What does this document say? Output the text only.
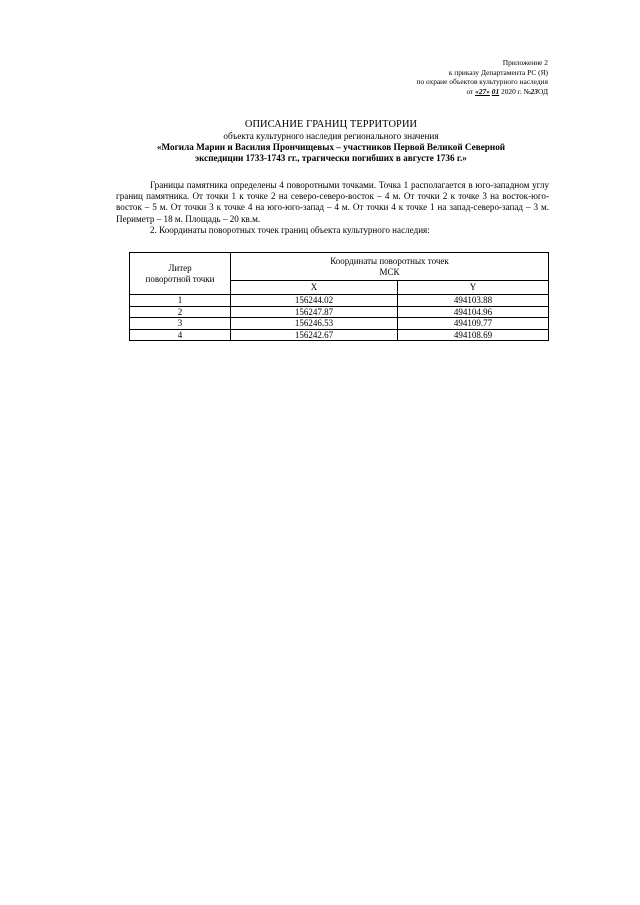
Приложение 2
к приказу Департамента РС (Я)
по охране объектов культурного наследия
от «27» 01 2020 г. №23ОД
ОПИСАНИЕ ГРАНИЦ ТЕРРИТОРИИ
объекта культурного наследия регионального значения
«Могила Марии и Василия Прончищевых – участников Первой Великой Северной
экспедиции 1733-1743 гг., трагически погибших в августе 1736 г.»

Границы памятника определены 4 поворотными точками. Точка 1 располагается в юго-западном углу границ памятника. От точки 1 к точке 2 на северо-северо-восток – 4 м. От точки 2 к точке 3 на восток-юго-восток – 5 м. От точки 3 к точке 4 на юго-юго-запад – 4 м. От точки 4 к точке 1 на запад-северо-запад – 3 м. Периметр – 18 м. Площадь – 20 кв.м.

2. Координаты поворотных точек границ объекта культурного наследия:

Литер
поворотной точки	Координаты поворотных точек
МСК	
	X	Y
1	156244.02	494103.88
2	156247.87	494104.96
3	156246.53	494109.77
4	156242.67	494108.69
